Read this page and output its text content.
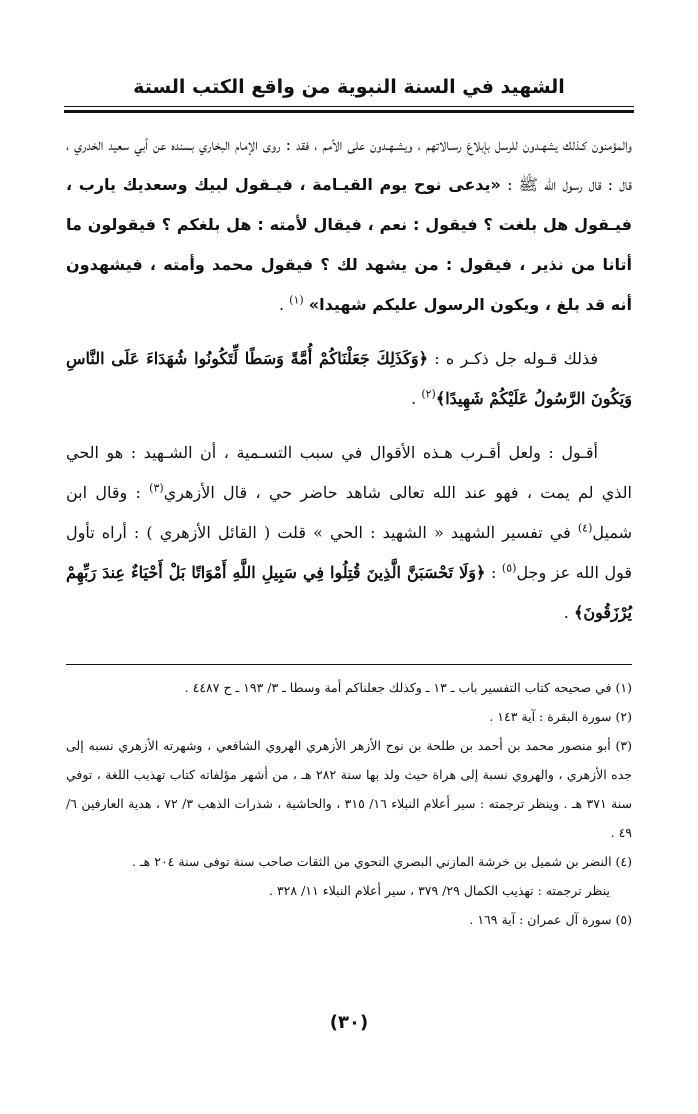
الشهيد في السنة النبوية من واقع الكتب الستة

والمؤمنون كـذلك يشهـدون للرسل بإبلاغ رسـالاتهم ، ويشـهـدون على الأمم ، فقد : روى الإمام البخاري بسنده عن أبي سعيد الخدري ، قال : قال رسول الله ﷺ : «يدعى نوح يوم القيـامة ، فيـقول لبيك وسعديك يارب ، فيـقول هل بلغت ؟ فيقول : نعم ، فيقال لأمته : هل بلغكم ؟ فيقولون ما أتانا من نذير ، فيقول : من يشهد لك ؟ فيقول محمد وأمته ، فيشهدون أنه قد بلغ ، ويكون الرسول عليكم شهيدا» $^{(١)}$ .

فذلك قـوله جل ذكـر ه : ﴿وَكَذَلِكَ جَعَلْنَاكُمْ أُمَّةً وَسَطًا لِّتَكُونُوا شُهَدَاءَ عَلَى النَّاسِ وَيَكُونَ الرَّسُولُ عَلَيْكُمْ شَهِيدًا﴾$^{(٢)}$ .

أقـول : ولعل أقـرب هـذه الأقوال في سبب التسـمية ، أن الشـهيد : هو الحي الذي لم يمت ، فهو عند الله تعالى شاهد حاضر حي ، قال الأزهري$^{(٣)}$ : وقال ابن شميل$^{(٤)}$ في تفسير الشهيد « الشهيد : الحي » قلت ( القائل الأزهري ) : أراه تأول قول الله عز وجل$^{(٥)}$ : ﴿وَلَا تَحْسَبَنَّ الَّذِينَ قُتِلُوا فِي سَبِيلِ اللَّهِ أَمْوَاتًا بَلْ أَحْيَاءٌ عِندَ رَبِّهِمْ يُرْزَقُونَ﴾ .

(١) في صحيحه كتاب التفسير باب ـ ١٣ ـ وكذلك جعلناكم أمة وسطا ـ ٣/ ١٩٣ ـ ح ٤٤٨٧ .

(٢) سورة البقرة : آية ١٤٣ .

(٣) أبو منصور محمد بن أحمد بن طلحة بن نوح الأزهر الأزهري الهروي الشافعي ، وشهرته الأزهري نسبه إلى جده الأزهري ، والهروي نسبة إلى هراة حيث ولد بها سنة ٢٨٢ هـ ، من أشهر مؤلفاته كتاب تهذيب اللغة ، توفي سنة ٣٧١ هـ . وينظر ترجمته : سير أعلام النبلاء ١٦/ ٣١٥ ، والحاشية ، شذرات الذهب ٣/ ٧٢ ، هدية العارفين ٦/ ٤٩ .

(٤) النضر بن شميل بن خرشة المازني البصري النحوي من الثقات صاحب سنة توفى سنة ٢٠٤ هـ .

ينظر ترجمته : تهذيب الكمال ٢٩/ ٣٧٩ ، سير أعلام النبلاء ١١/ ٣٢٨ .

(٥) سورة آل عمران : آية ١٦٩ .

(٣٠)
